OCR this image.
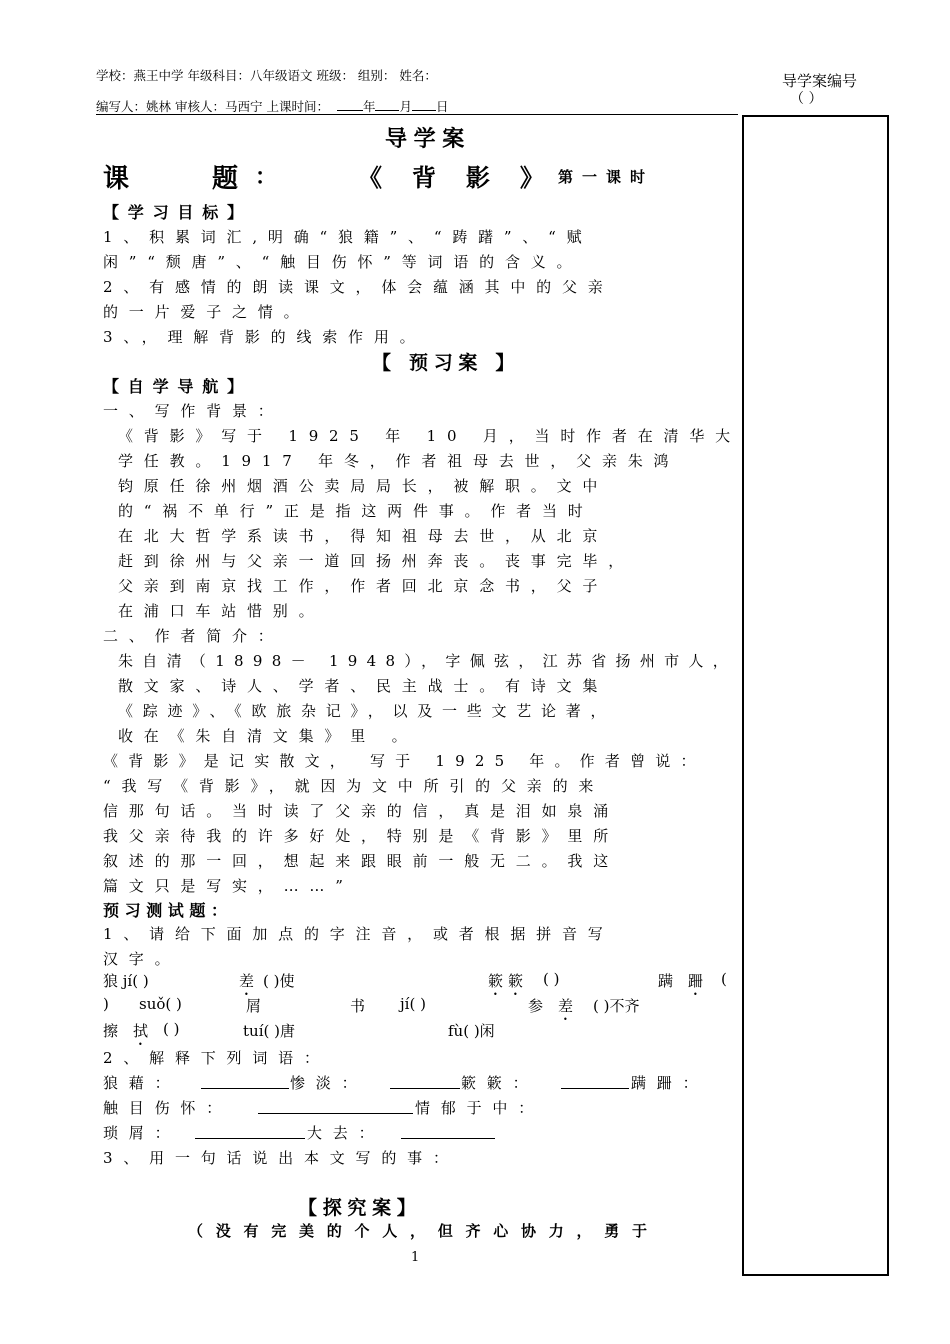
学校：燕王中学 年级科目：八年级语文 班级： 组别： 姓名：
编写人：姚林 审核人：马西宁 上课时间：	年 月 日
导学案编号
（ ）
导学案
课	题 ：	《 背 影 》 第一课时
【学习目标】
1、积累词汇,明确“狼籍”、“踌躇”、“赋
闲”“颓唐”、“触目伤怀”等词语的含义。
2、有感情的朗读课文，体会蕴涵其中的父亲
的一片爱子之情。
3、，理解背影的线索作用。
【 预习案 】
【自学导航】
一、写作背景：
《背影》写于 1925 年 10 月，当时作者在清华大
学任教。1917 年冬，作者祖母去世，父亲朱鸿
钧原任徐州烟酒公卖局局长，被解职。文中
的“祸不单行”正是指这两件事。作者当时
在北大哲学系读书，得知祖母去世，从北京
赶到徐州与父亲一道回扬州奔丧。丧事完毕，
父亲到南京找工作，作者回北京念书，父子
在浦口车站惜别。
二、作者简介：
朱自清（1898－ 1948），字佩弦，江苏省扬州市人，
散文家、诗人、学者、民主战士。有诗文集
《踪迹》、《欧旅杂记》，以及一些文艺论著，
收在《朱自清文集》里 。
《背影》是记实散文， 写于 1925 年。作者曾说：
“我写《背影》，就因为文中所引的父亲的来
信那句话。当时读了父亲的信，真是泪如泉涌
我父亲待我的许多好处，特别是《背影》里所
叙述的那一回，想起来跟眼前一般无二。我这
篇文只是写实，……”
预习测试题：
1、请给下面加点的字注音，或者根据拼音写
汉字。
狼 jí( )	差 ( )使	簌 簌 ( )	蹒 跚 (
) suǒ( )	屑	书 jí( )	参 差 ( )不齐
擦 拭 ( )	tuí( )唐	fù( )闲
2、解释下列词语：
狼藉：	惨淡：	簌簌：	蹒跚：
触目伤怀：	情郁于中：
琐屑：	大去：
3、用一句话说出本文写的事：
【探究案】
（没有完美的个人，但齐心协力，勇于
1
